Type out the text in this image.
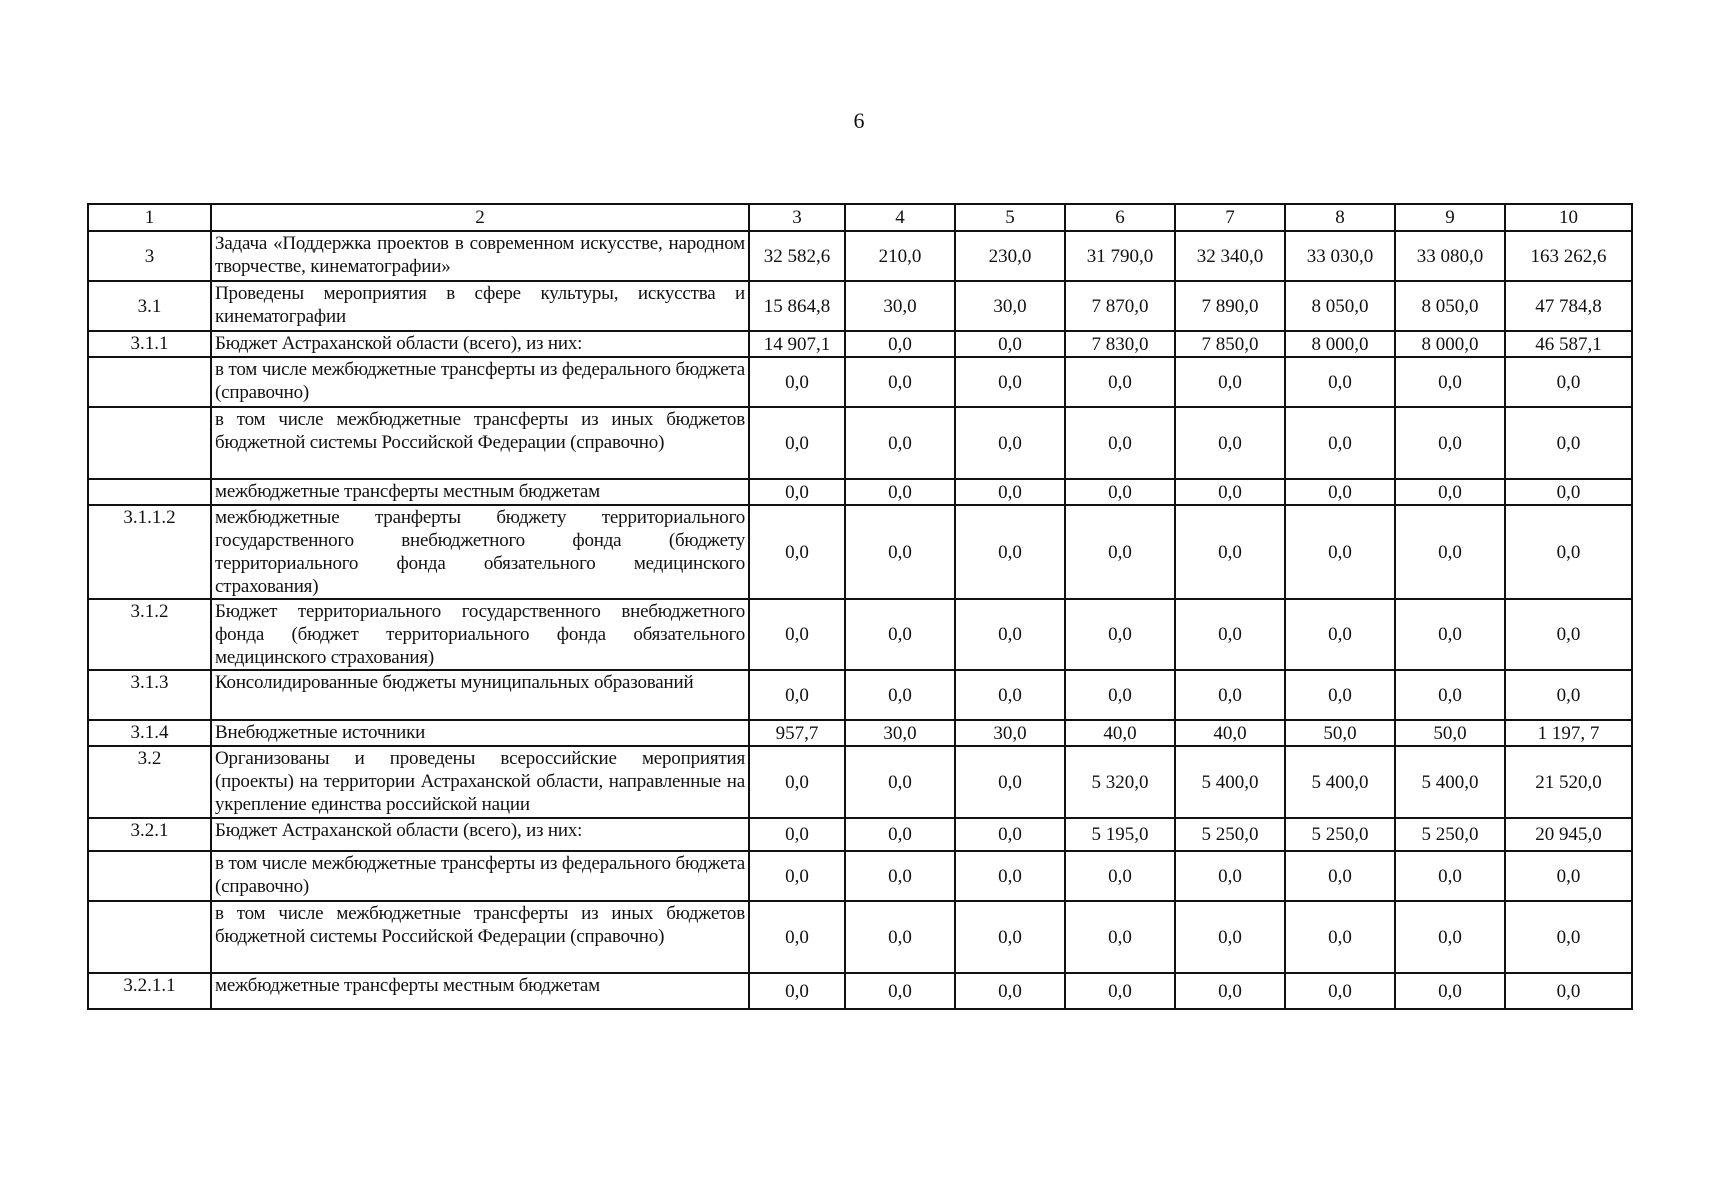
6
1	2	3	4	5	6	7	8	9	10
3	Задача «Поддержка проектов в современном искусстве, народном творчестве, кинематографии»	32 582,6	210,0	230,0	31 790,0	32 340,0	33 030,0	33 080,0	163 262,6
3.1	Проведены мероприятия в сфере культуры, искусства и кинематографии	15 864,8	30,0	30,0	7 870,0	7 890,0	8 050,0	8 050,0	47 784,8
3.1.1	Бюджет Астраханской области (всего), из них:	14 907,1	0,0	0,0	7 830,0	7 850,0	8 000,0	8 000,0	46 587,1
	в том числе межбюджетные трансферты из федерального бюджета (справочно)	0,0	0,0	0,0	0,0	0,0	0,0	0,0	0,0
	в том числе межбюджетные трансферты из иных бюджетов бюджетной системы Российской Федерации (справочно)	0,0	0,0	0,0	0,0	0,0	0,0	0,0	0,0
	межбюджетные трансферты местным бюджетам	0,0	0,0	0,0	0,0	0,0	0,0	0,0	0,0
3.1.1.2	межбюджетные транферты бюджету территориального государственного внебюджетного фонда (бюджету территориального фонда обязательного медицинского страхования)	0,0	0,0	0,0	0,0	0,0	0,0	0,0	0,0
3.1.2	Бюджет территориального государственного внебюджетного фонда (бюджет территориального фонда обязательного медицинского страхования)	0,0	0,0	0,0	0,0	0,0	0,0	0,0	0,0
3.1.3	Консолидированные бюджеты муниципальных образований	0,0	0,0	0,0	0,0	0,0	0,0	0,0	0,0
3.1.4	Внебюджетные источники	957,7	30,0	30,0	40,0	40,0	50,0	50,0	1 197, 7
3.2	Организованы и проведены всероссийские мероприятия (проекты) на территории Астраханской области, направленные на укрепление единства российской нации	0,0	0,0	0,0	5 320,0	5 400,0	5 400,0	5 400,0	21 520,0
3.2.1	Бюджет Астраханской области (всего), из них:	0,0	0,0	0,0	5 195,0	5 250,0	5 250,0	5 250,0	20 945,0
	в том числе межбюджетные трансферты из федерального бюджета (справочно)	0,0	0,0	0,0	0,0	0,0	0,0	0,0	0,0
	в том числе межбюджетные трансферты из иных бюджетов бюджетной системы Российской Федерации (справочно)	0,0	0,0	0,0	0,0	0,0	0,0	0,0	0,0
3.2.1.1	межбюджетные трансферты местным бюджетам	0,0	0,0	0,0	0,0	0,0	0,0	0,0	0,0
